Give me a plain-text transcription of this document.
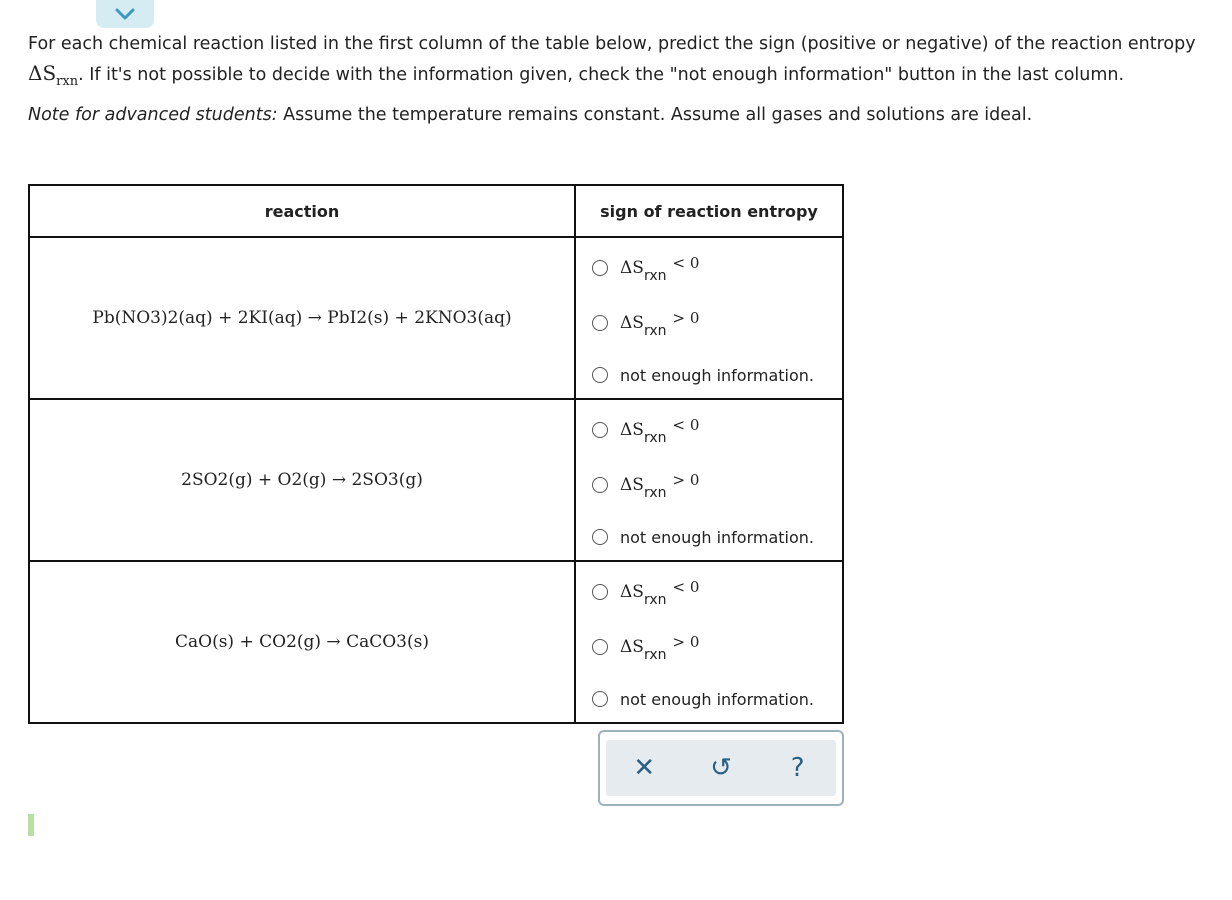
For each chemical reaction listed in the first column of the table below, predict the sign (positive or negative) of the reaction entropy $\Delta S_{rxn}$. If it's not possible to decide with the information given, check the "not enough information" button in the last column.

Note for advanced students: Assume the temperature remains constant. Assume all gases and solutions are ideal.

reaction	sign of reaction entropy
Pb(NO3)2(aq) + 2KI(aq) → PbI2(s) + 2KNO3(aq)	$\Delta S_{rxn}< 0$
$\Delta S_{rxn}> 0$
not enough information.

2SO2(g) + O2(g) → 2SO3(g)	$\Delta S_{rxn}< 0$
$\Delta S_{rxn}> 0$
not enough information.

CaO(s) + CO2(g) → CaCO3(s)	$\Delta S_{rxn}< 0$
$\Delta S_{rxn}> 0$
not enough information.
✕	↺	?
